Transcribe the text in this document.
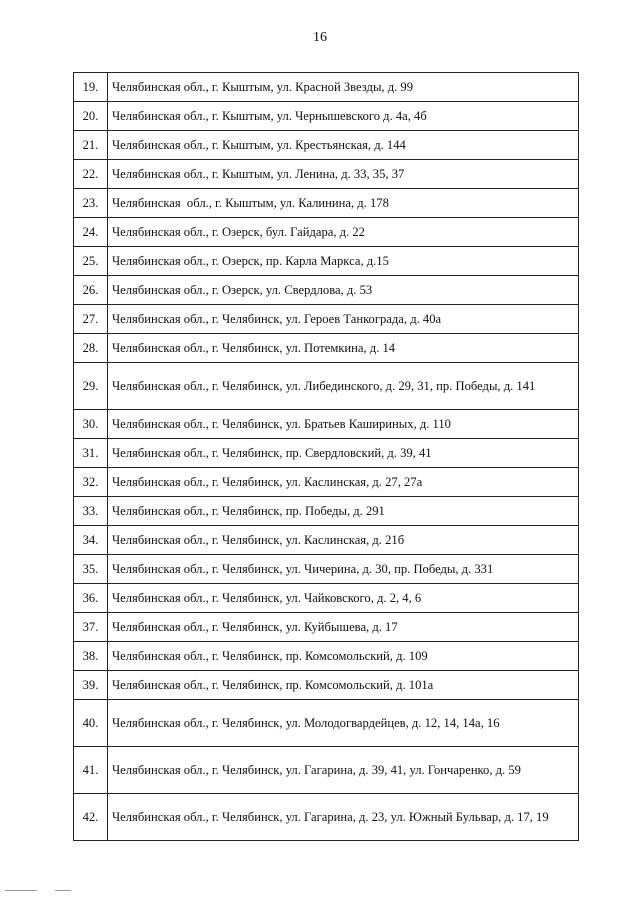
16
19.	Челябинская обл., г. Кыштым, ул. Красной Звезды, д. 99
20.	Челябинская обл., г. Кыштым, ул. Чернышевского д. 4а, 4б
21.	Челябинская обл., г. Кыштым, ул. Крестьянская, д. 144
22.	Челябинская обл., г. Кыштым, ул. Ленина, д. 33, 35, 37
23.	Челябинская  обл., г. Кыштым, ул. Калинина, д. 178
24.	Челябинская обл., г. Озерск, бул. Гайдара, д. 22
25.	Челябинская обл., г. Озерск, пр. Карла Маркса, д.15
26.	Челябинская обл., г. Озерск, ул. Свердлова, д. 53
27.	Челябинская обл., г. Челябинск, ул. Героев Танкограда, д. 40а
28.	Челябинская обл., г. Челябинск, ул. Потемкина, д. 14
29.	Челябинская обл., г. Челябинск, ул. Либединского, д. 29, 31, пр. Победы, д. 141
30.	Челябинская обл., г. Челябинск, ул. Братьев Кашириных, д. 110
31.	Челябинская обл., г. Челябинск, пр. Свердловский, д. 39, 41
32.	Челябинская обл., г. Челябинск, ул. Каслинская, д. 27, 27а
33.	Челябинская обл., г. Челябинск, пр. Победы, д. 291
34.	Челябинская обл., г. Челябинск, ул. Каслинская, д. 21б
35.	Челябинская обл., г. Челябинск, ул. Чичерина, д. 30, пр. Победы, д. 331
36.	Челябинская обл., г. Челябинск, ул. Чайковского, д. 2, 4, 6
37.	Челябинская обл., г. Челябинск, ул. Куйбышева, д. 17
38.	Челябинская обл., г. Челябинск, пр. Комсомольский, д. 109
39.	Челябинская обл., г. Челябинск, пр. Комсомольский, д. 101а
40.	Челябинская обл., г. Челябинск, ул. Молодогвардейцев, д. 12, 14, 14а, 16
41.	Челябинская обл., г. Челябинск, ул. Гагарина, д. 39, 41, ул. Гончаренко, д. 59
42.	Челябинская обл., г. Челябинск, ул. Гагарина, д. 23, ул. Южный Бульвар, д. 17, 19
